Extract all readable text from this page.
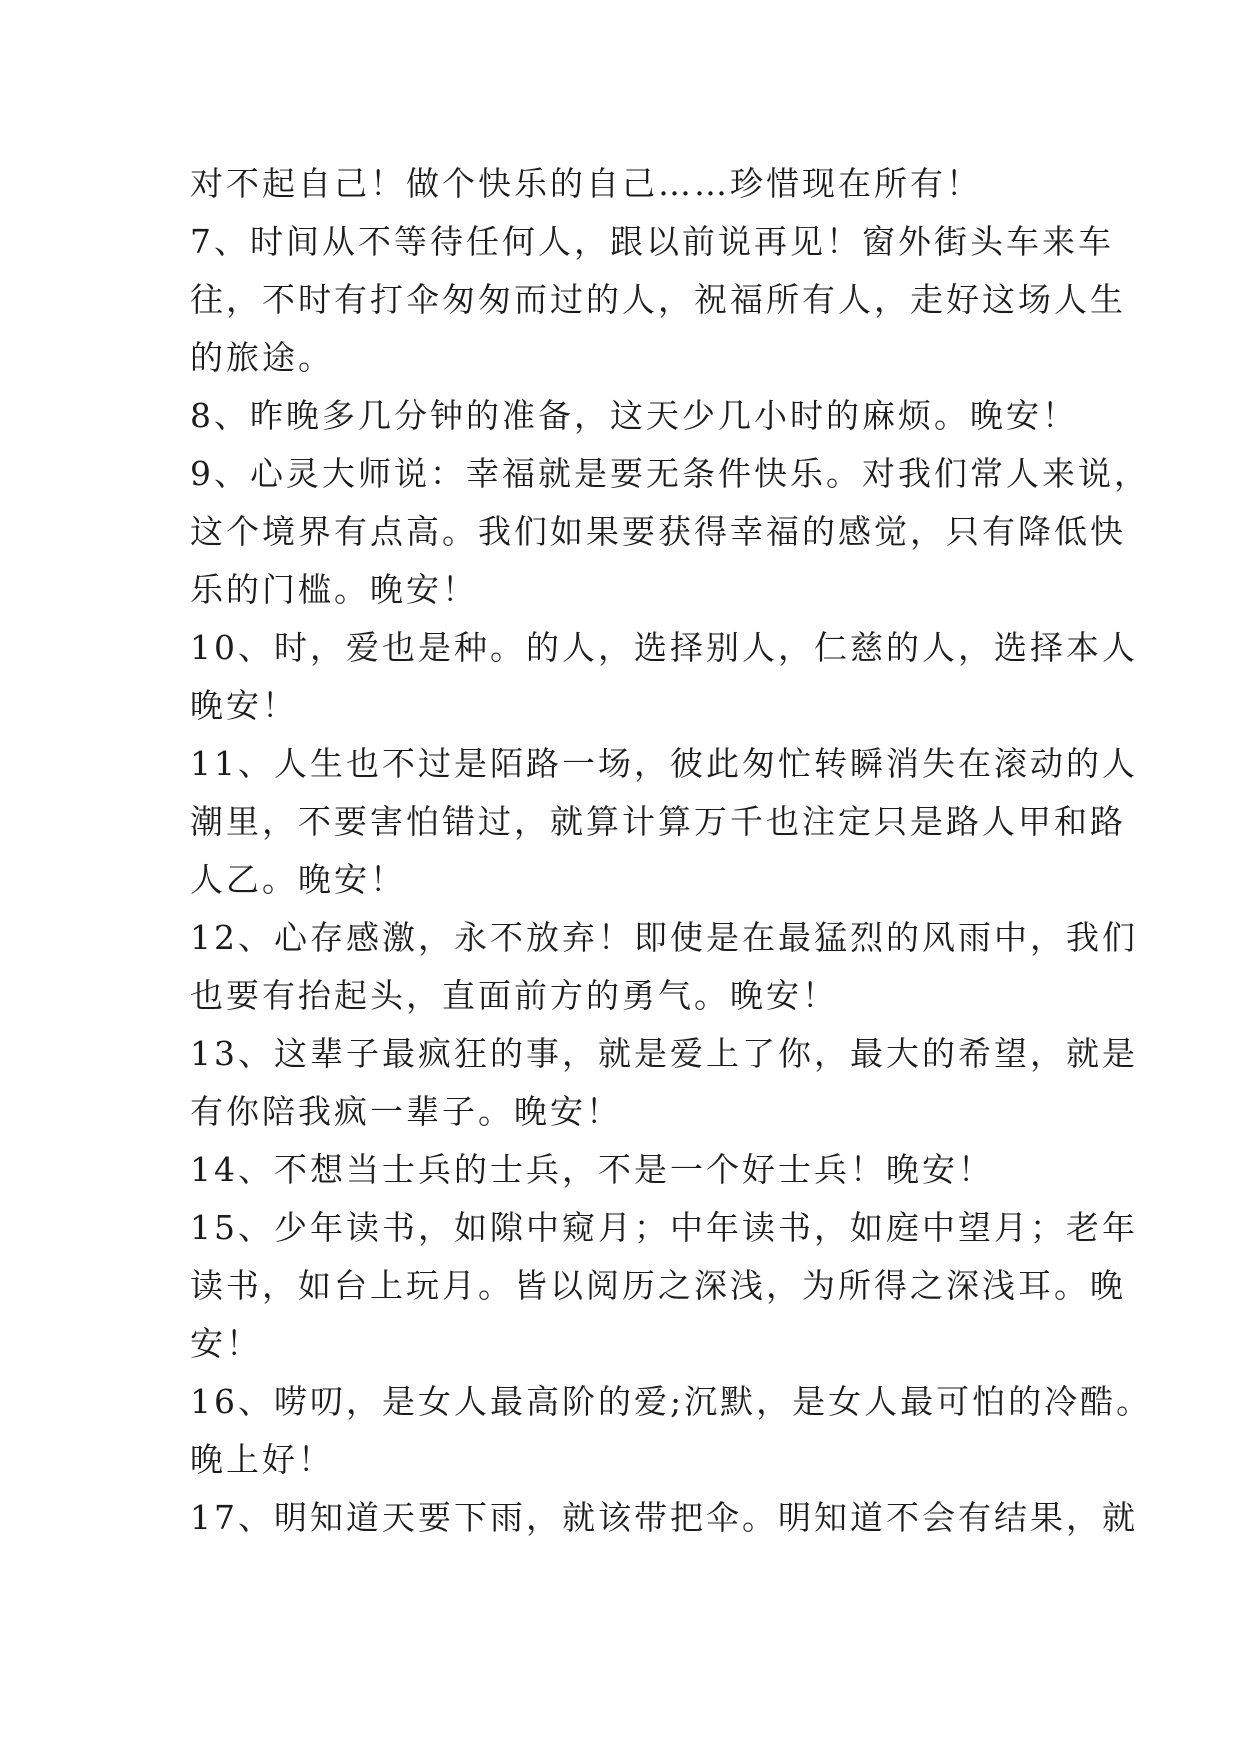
对不起自己！做个快乐的自己……珍惜现在所有！
7、时间从不等待任何人，跟以前说再见！窗外街头车来车
往，不时有打伞匆匆而过的人，祝福所有人，走好这场人生
的旅途。
8、昨晚多几分钟的准备，这天少几小时的麻烦。晚安！
9、心灵大师说：幸福就是要无条件快乐。对我们常人来说，
这个境界有点高。我们如果要获得幸福的感觉，只有降低快
乐的门槛。晚安！
10、时，爱也是种。的人，选择别人，仁慈的人，选择本人
晚安！
11、人生也不过是陌路一场，彼此匆忙转瞬消失在滚动的人
潮里，不要害怕错过，就算计算万千也注定只是路人甲和路
人乙。晚安！
12、心存感激，永不放弃！即使是在最猛烈的风雨中，我们
也要有抬起头，直面前方的勇气。晚安！
13、这辈子最疯狂的事，就是爱上了你，最大的希望，就是
有你陪我疯一辈子。晚安！
14、不想当士兵的士兵，不是一个好士兵！晚安！
15、少年读书，如隙中窥月；中年读书，如庭中望月；老年
读书，如台上玩月。皆以阅历之深浅，为所得之深浅耳。晚
安！
16、唠叨，是女人最高阶的爱;沉默，是女人最可怕的冷酷。
晚上好！
17、明知道天要下雨，就该带把伞。明知道不会有结果，就
